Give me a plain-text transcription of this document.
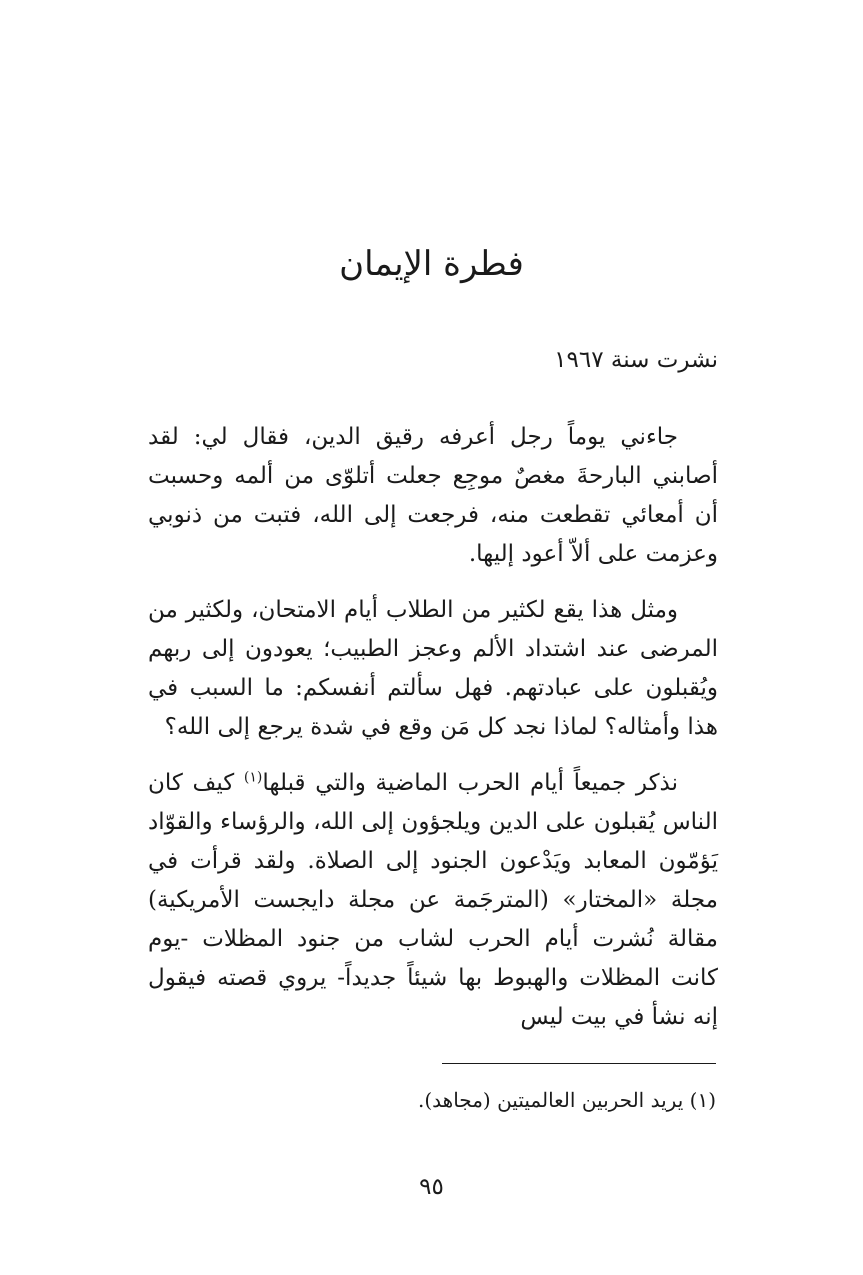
فطرة الإيمان
نشرت سنة ١٩٦٧

جاءني يوماً رجل أعرفه رقيق الدين، فقال لي: لقد أصابني البارحةَ مغصٌ موجِع جعلت أتلوّى من ألمه وحسبت أن أمعائي تقطعت منه، فرجعت إلى الله، فتبت من ذنوبي وعزمت على ألاّ أعود إليها.

ومثل هذا يقع لكثير من الطلاب أيام الامتحان، ولكثير من المرضى عند اشتداد الألم وعجز الطبيب؛ يعودون إلى ربهم ويُقبلون على عبادتهم. فهل سألتم أنفسكم: ما السبب في هذا وأمثاله؟ لماذا نجد كل مَن وقع في شدة يرجع إلى الله؟

نذكر جميعاً أيام الحرب الماضية والتي قبلها$^{(١)}$ كيف كان الناس يُقبلون على الدين ويلجؤون إلى الله، والرؤساء والقوّاد يَؤمّون المعابد ويَدْعون الجنود إلى الصلاة. ولقد قرأت في مجلة «المختار» (المترجَمة عن مجلة دايجست الأمريكية) مقالة نُشرت أيام الحرب لشاب من جنود المظلات -يوم كانت المظلات والهبوط بها شيئاً جديداً- يروي قصته فيقول إنه نشأ في بيت ليس

(١) يريد الحربين العالميتين (مجاهد).
٩٥
